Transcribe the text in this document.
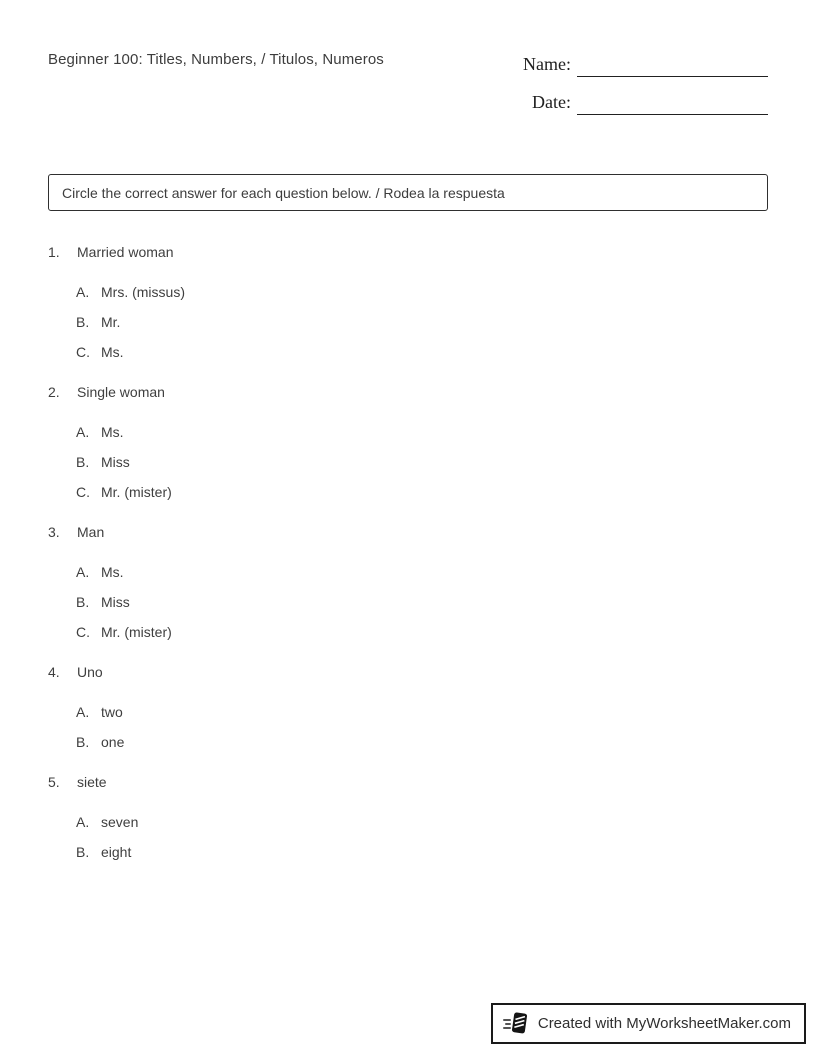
Beginner 100: Titles, Numbers, / Titulos, Numeros	Name:
Date:
Circle the correct answer for each question below. / Rodea la respuesta
1.	Married woman
A. Mrs. (missus)
B. Mr.
C. Ms.
2.	Single woman
A. Ms.
B. Miss
C. Mr. (mister)
3.	Man
A. Ms.
B. Miss
C. Mr. (mister)
4.	Uno
A. two
B. one
5.	siete
A. seven
B. eight
Created with MyWorksheetMaker.com
